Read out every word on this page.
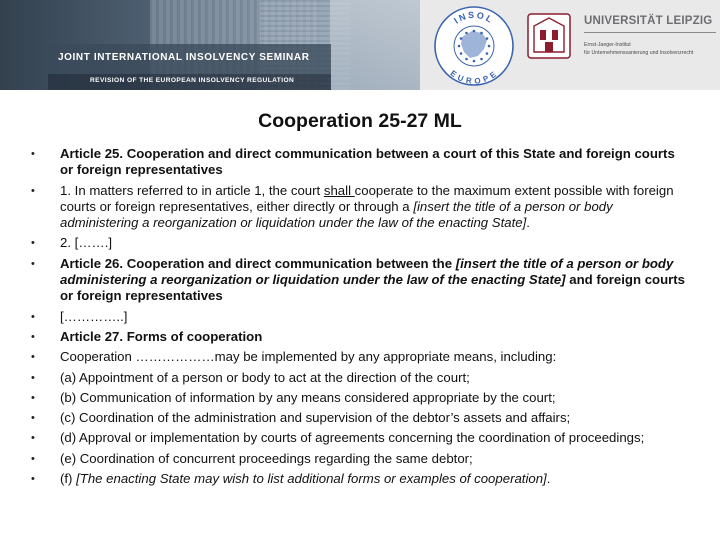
JOINT INTERNATIONAL INSOLVENCY SEMINAR
REVISION OF THE EUROPEAN INSOLVENCY REGULATION
INSOL
EUROPE
UNIVERSITÄT LEIPZIG
Ernst-Jaeger-Institut
für Unternehmenssanierung und Insolvenzrecht
Cooperation 25-27 ML
• Article 25. Cooperation and direct communication between a court of this State and foreign courts or foreign representatives
• 1. In matters referred to in article 1, the court shall cooperate to the maximum extent possible with foreign courts or foreign representatives, either directly or through a [insert the title of a person or body administering a reorganization or liquidation under the law of the enacting State].
• 2. […….]
• Article 26. Cooperation and direct communication between the [insert the title of a person or body administering a reorganization or liquidation under the law of the enacting State] and foreign courts or foreign representatives
• […………..]
• Article 27. Forms of cooperation
• Cooperation ………………may be implemented by any appropriate means, including:
• (a) Appointment of a person or body to act at the direction of the court;
• (b) Communication of information by any means considered appropriate by the court;
• (c) Coordination of the administration and supervision of the debtor’s assets and affairs;
• (d) Approval or implementation by courts of agreements concerning the coordination of proceedings;
• (e) Coordination of concurrent proceedings regarding the same debtor;
• (f) [The enacting State may wish to list additional forms or examples of cooperation].
